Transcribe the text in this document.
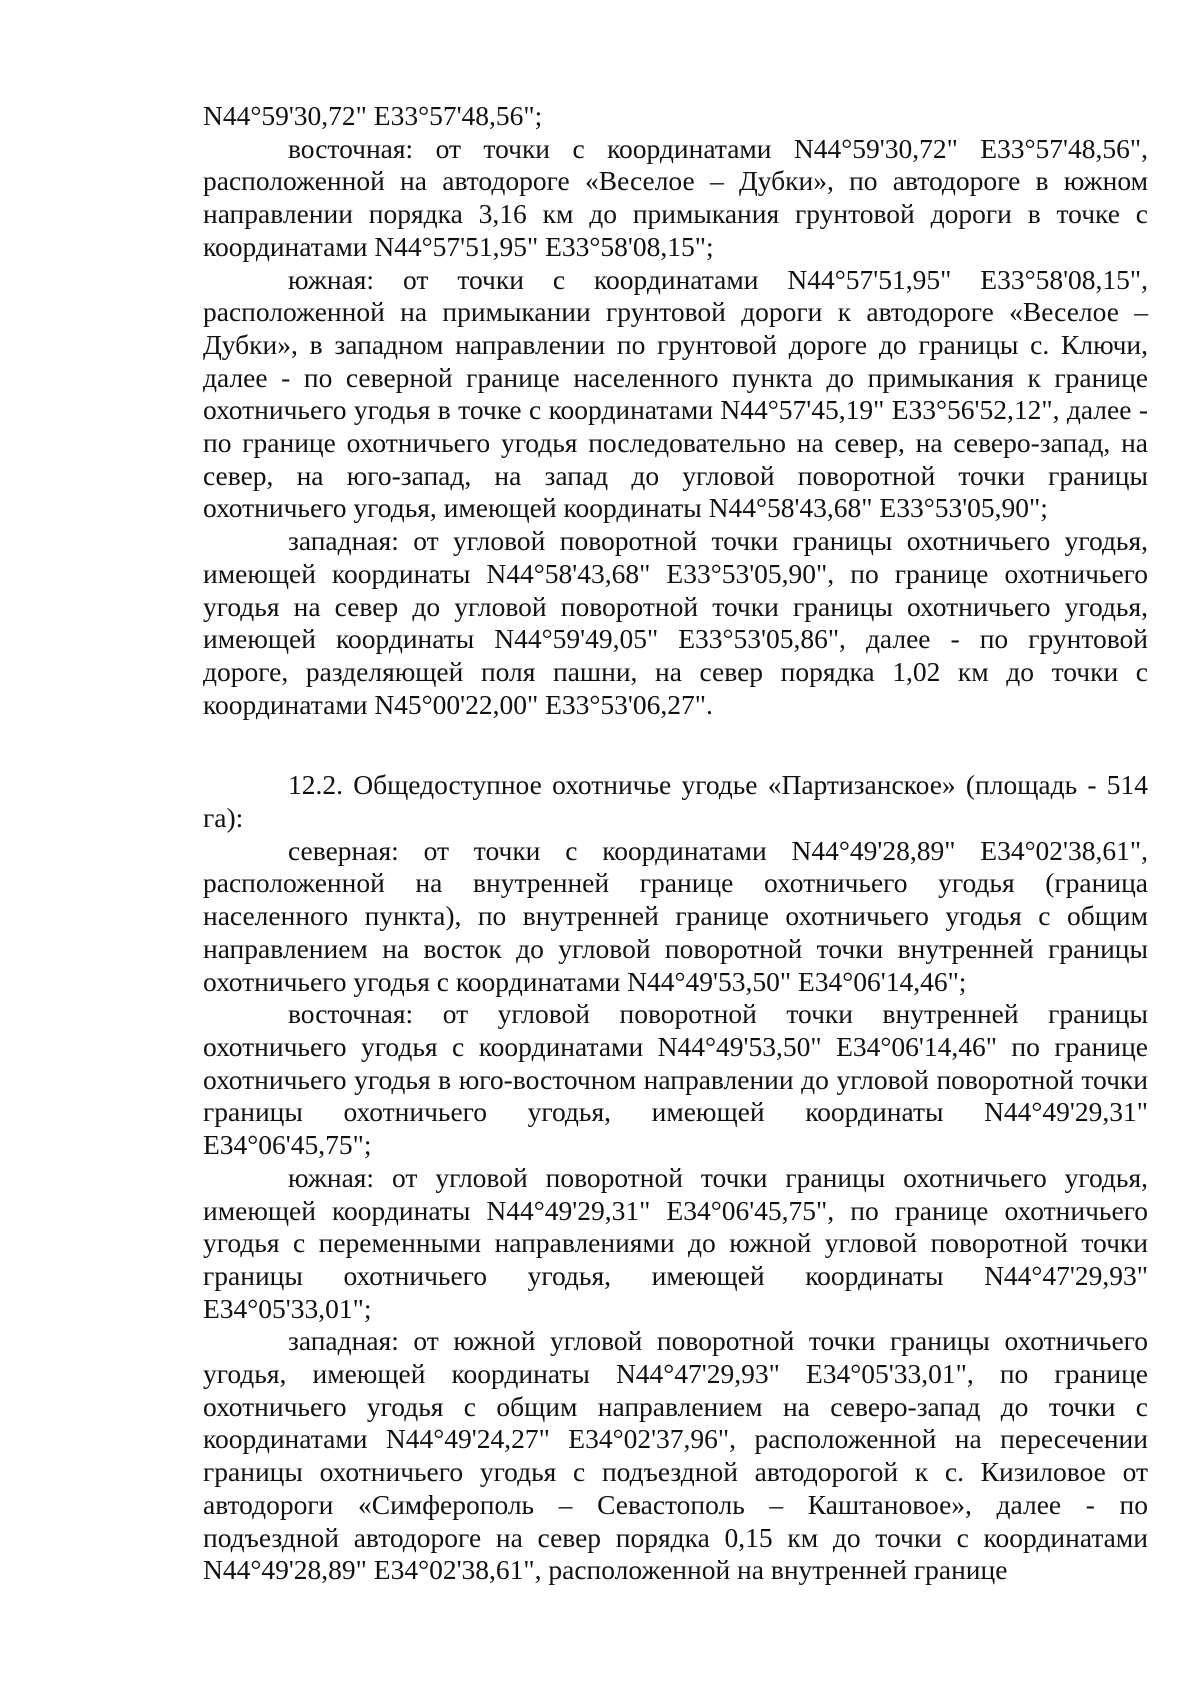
N44°59'30,72" E33°57'48,56";

восточная: от точки с координатами N44°59'30,72" E33°57'48,56", расположенной на автодороге «Веселое – Дубки», по автодороге в южном направлении порядка 3,16 км до примыкания грунтовой дороги в точке с координатами N44°57'51,95" E33°58'08,15";

южная: от точки с координатами N44°57'51,95" E33°58'08,15", расположенной на примыкании грунтовой дороги к автодороге «Веселое – Дубки», в западном направлении по грунтовой дороге до границы с. Ключи, далее - по северной границе населенного пункта до примыкания к границе охотничьего угодья в точке с координатами N44°57'45,19" E33°56'52,12", далее - по границе охотничьего угодья последовательно на север, на северо-запад, на север, на юго-запад, на запад до угловой поворотной точки границы охотничьего угодья, имеющей координаты N44°58'43,68" E33°53'05,90";

западная: от угловой поворотной точки границы охотничьего угодья, имеющей координаты N44°58'43,68" E33°53'05,90", по границе охотничьего угодья на север до угловой поворотной точки границы охотничьего угодья, имеющей координаты N44°59'49,05" E33°53'05,86", далее - по грунтовой дороге, разделяющей поля пашни, на север порядка 1,02 км до точки с координатами N45°00'22,00" E33°53'06,27".

12.2. Общедоступное охотничье угодье «Партизанское» (площадь - 514 га):

северная: от точки с координатами N44°49'28,89" E34°02'38,61", расположенной на внутренней границе охотничьего угодья (граница населенного пункта), по внутренней границе охотничьего угодья с общим направлением на восток до угловой поворотной точки внутренней границы охотничьего угодья с координатами N44°49'53,50" E34°06'14,46";

восточная: от угловой поворотной точки внутренней границы охотничьего угодья с координатами N44°49'53,50" E34°06'14,46" по границе охотничьего угодья в юго-восточном направлении до угловой поворотной точки границы охотничьего угодья, имеющей координаты N44°49'29,31" E34°06'45,75";

южная: от угловой поворотной точки границы охотничьего угодья, имеющей координаты N44°49'29,31" E34°06'45,75", по границе охотничьего угодья с переменными направлениями до южной угловой поворотной точки границы охотничьего угодья, имеющей координаты N44°47'29,93" E34°05'33,01";

западная: от южной угловой поворотной точки границы охотничьего угодья, имеющей координаты N44°47'29,93" E34°05'33,01", по границе охотничьего угодья с общим направлением на северо-запад до точки с координатами N44°49'24,27" E34°02'37,96", расположенной на пересечении границы охотничьего угодья с подъездной автодорогой к с. Кизиловое от автодороги «Симферополь – Севастополь – Каштановое», далее - по подъездной автодороге на север порядка 0,15 км до точки с координатами N44°49'28,89" E34°02'38,61", расположенной на внутренней границе
